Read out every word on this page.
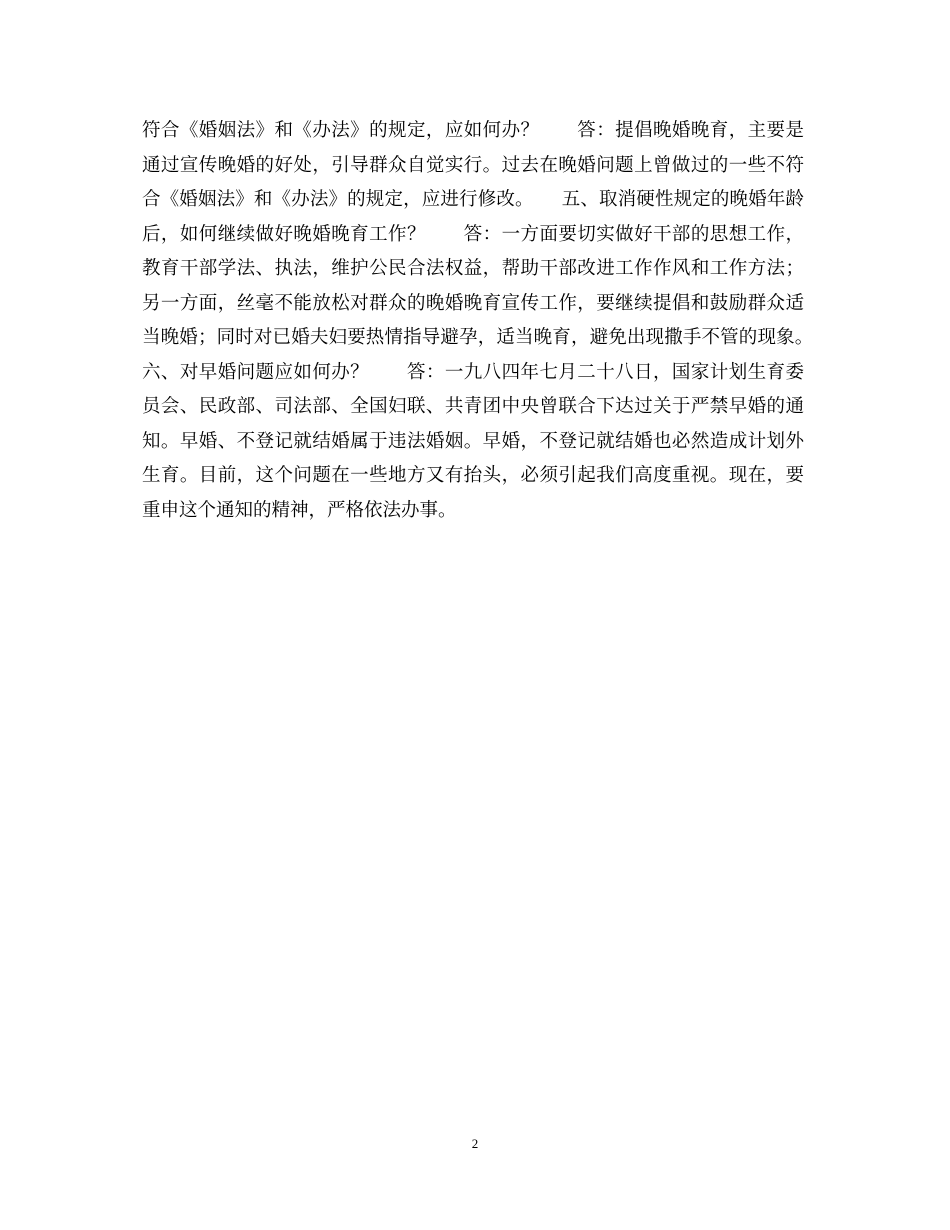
符合《婚姻法》和《办法》的规定，应如何办？　　答：提倡晚婚晚育，主要是通过宣传晚婚的好处，引导群众自觉实行。过去在晚婚问题上曾做过的一些不符合《婚姻法》和《办法》的规定，应进行修改。　　五、取消硬性规定的晚婚年龄后，如何继续做好晚婚晚育工作？　　答：一方面要切实做好干部的思想工作，教育干部学法、执法，维护公民合法权益，帮助干部改进工作作风和工作方法；另一方面，丝毫不能放松对群众的晚婚晚育宣传工作，要继续提倡和鼓励群众适当晚婚；同时对已婚夫妇要热情指导避孕，适当晚育，避免出现撒手不管的现象。　　六、对早婚问题应如何办？　　答：一九八四年七月二十八日，国家计划生育委员会、民政部、司法部、全国妇联、共青团中央曾联合下达过关于严禁早婚的通知。早婚、不登记就结婚属于违法婚姻。早婚，不登记就结婚也必然造成计划外生育。目前，这个问题在一些地方又有抬头，必须引起我们高度重视。现在，要重申这个通知的精神，严格依法办事。

2
